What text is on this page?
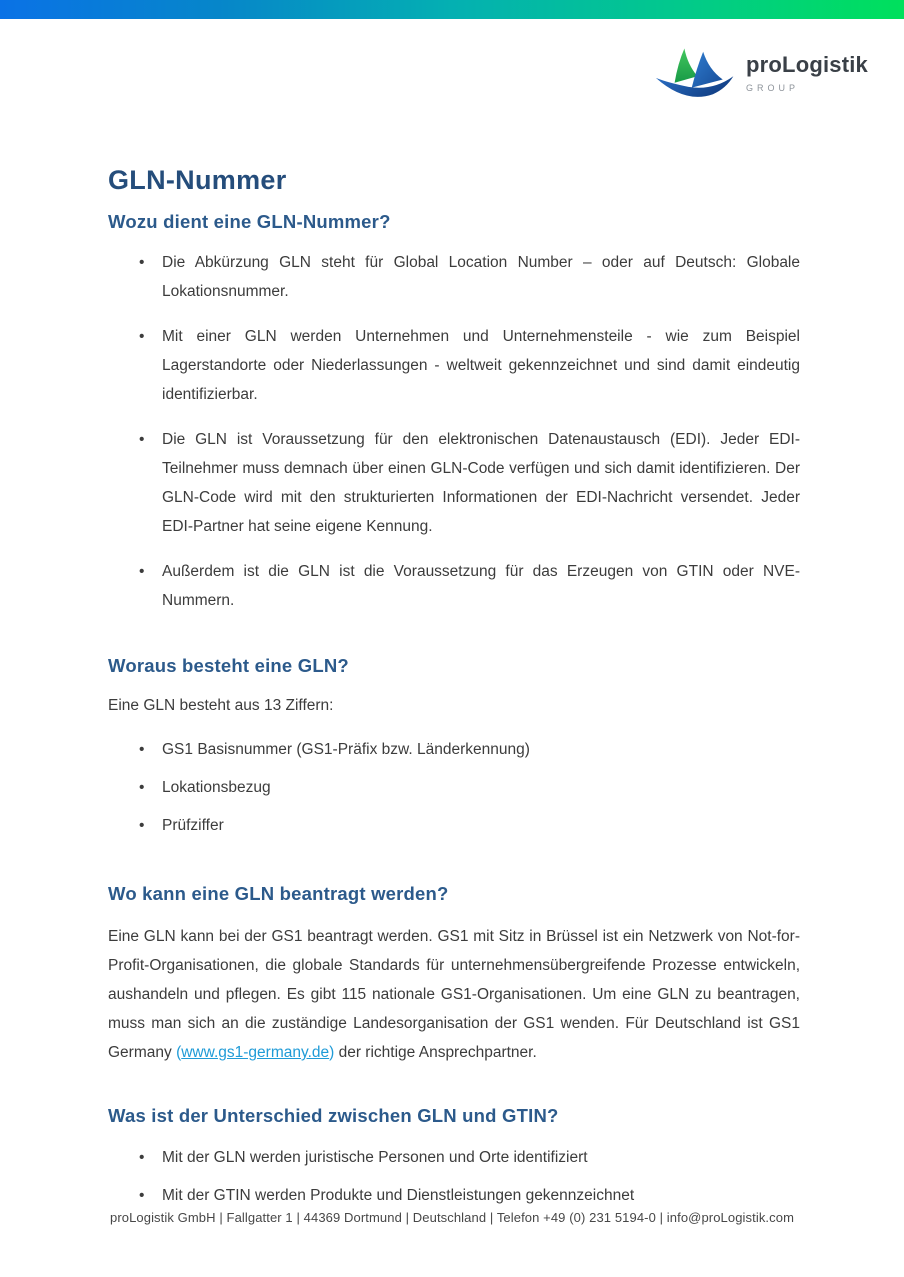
proLogistik
GROUP
GLN-Nummer
Wozu dient eine GLN-Nummer?
• Die Abkürzung GLN steht für Global Location Number – oder auf Deutsch: Globale Lokationsnummer.
• Mit einer GLN werden Unternehmen und Unternehmensteile - wie zum Beispiel Lagerstandorte oder Niederlassungen - weltweit gekennzeichnet und sind damit eindeutig identifizierbar.
• Die GLN ist Voraussetzung für den elektronischen Datenaustausch (EDI). Jeder EDI-Teilnehmer muss demnach über einen GLN-Code verfügen und sich damit identifizieren. Der GLN-Code wird mit den strukturierten Informationen der EDI-Nachricht versendet. Jeder EDI-Partner hat seine eigene Kennung.
• Außerdem ist die GLN ist die Voraussetzung für das Erzeugen von GTIN oder NVE-Nummern.
Woraus besteht eine GLN?

Eine GLN besteht aus 13 Ziffern:

• GS1 Basisnummer (GS1-Präfix bzw. Länderkennung)
• Lokationsbezug
• Prüfziffer
Wo kann eine GLN beantragt werden?

Eine GLN kann bei der GS1 beantragt werden. GS1 mit Sitz in Brüssel ist ein Netzwerk von Not-for-Profit-Organisationen, die globale Standards für unternehmensübergreifende Prozesse entwickeln, aushandeln und pflegen. Es gibt 115 nationale GS1-Organisationen. Um eine GLN zu beantragen, muss man sich an die zuständige Landesorganisation der GS1 wenden. Für Deutschland ist GS1 Germany (www.gs1-germany.de) der richtige Ansprechpartner.

Was ist der Unterschied zwischen GLN und GTIN?
• Mit der GLN werden juristische Personen und Orte identifiziert
• Mit der GTIN werden Produkte und Dienstleistungen gekennzeichnet
proLogistik GmbH | Fallgatter 1 | 44369 Dortmund | Deutschland | Telefon +49 (0) 231 5194-0 | info@proLogistik.com
